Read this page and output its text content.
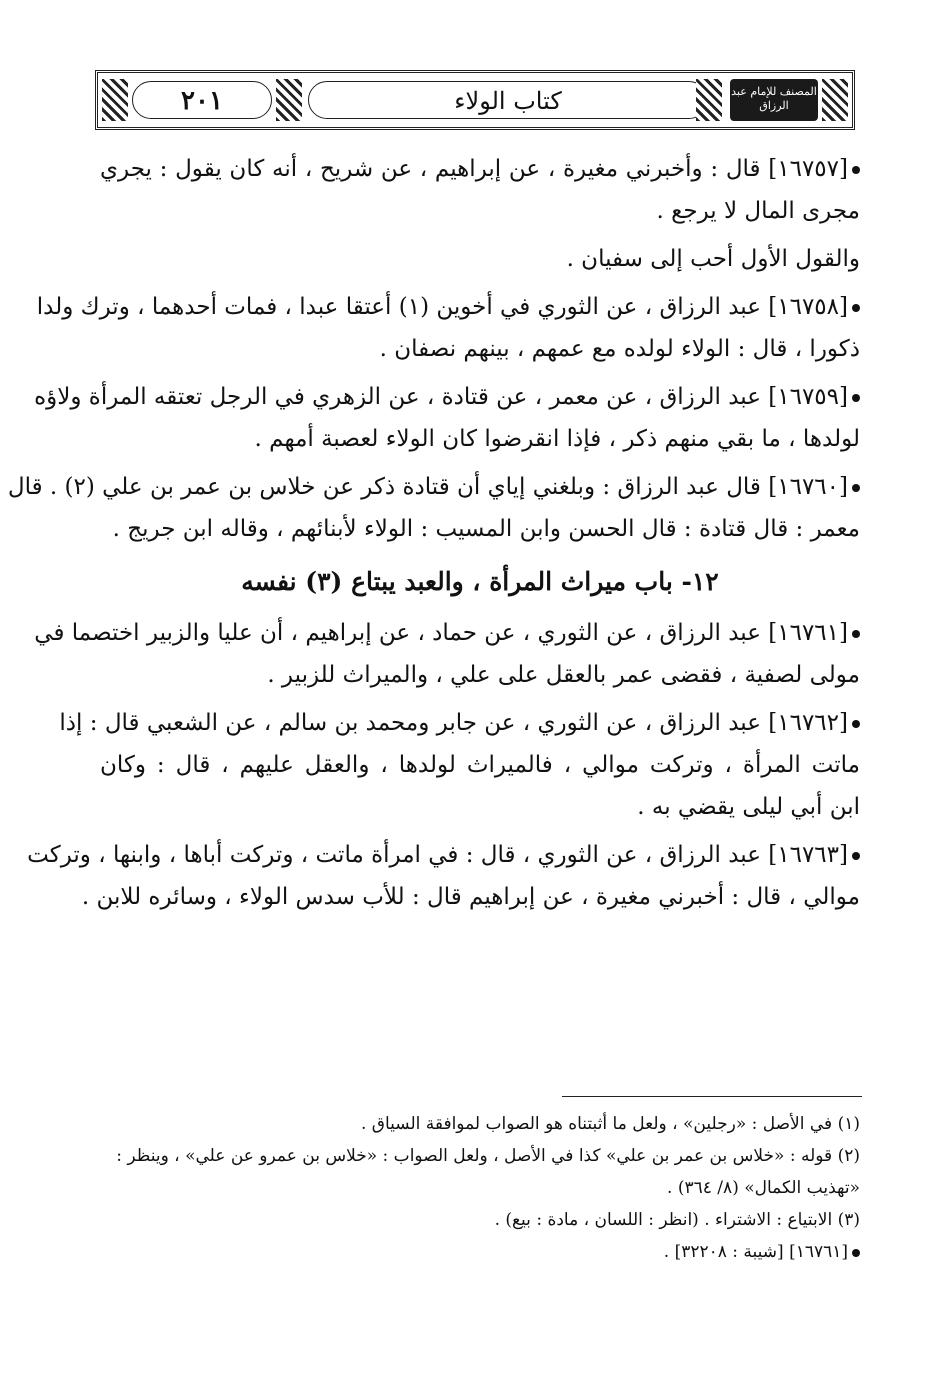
٢٠١	كتاب الولاء	المصنف للإمام عبد الرزاق
[١٦٧٥٧] قال : وأخبرني مغيرة ، عن إبراهيم ، عن شريح ، أنه كان يقول : يجري
مجرى المال لا يرجع .
والقول الأول أحب إلى سفيان .
[١٦٧٥٨] عبد الرزاق ، عن الثوري في أخوين (١) أعتقا عبدا ، فمات أحدهما ، وترك ولدا
ذكورا ، قال : الولاء لولده مع عمهم ، بينهم نصفان .
[١٦٧٥٩] عبد الرزاق ، عن معمر ، عن قتادة ، عن الزهري في الرجل تعتقه المرأة ولاؤه
لولدها ، ما بقي منهم ذكر ، فإذا انقرضوا كان الولاء لعصبة أمهم .
[١٦٧٦٠] قال عبد الرزاق : وبلغني إياي أن قتادة ذكر عن خلاس بن عمر بن علي (٢) . قال
معمر : قال قتادة : قال الحسن وابن المسيب : الولاء لأبنائهم ، وقاله ابن جريج .
١٢- باب ميراث المرأة ، والعبد يبتاع (٣) نفسه
[١٦٧٦١] عبد الرزاق ، عن الثوري ، عن حماد ، عن إبراهيم ، أن عليا والزبير اختصما في
مولى لصفية ، فقضى عمر بالعقل على علي ، والميراث للزبير .
[١٦٧٦٢] عبد الرزاق ، عن الثوري ، عن جابر ومحمد بن سالم ، عن الشعبي قال : إذا
ماتت المرأة ، وتركت موالي ، فالميراث لولدها ، والعقل عليهم ، قال : وكان
ابن أبي ليلى يقضي به .
[١٦٧٦٣] عبد الرزاق ، عن الثوري ، قال : في امرأة ماتت ، وتركت أباها ، وابنها ، وتركت
موالي ، قال : أخبرني مغيرة ، عن إبراهيم قال : للأب سدس الولاء ، وسائره للابن .
(١) في الأصل : «رجلين» ، ولعل ما أثبتناه هو الصواب لموافقة السياق .
(٢) قوله : «خلاس بن عمر بن علي» كذا في الأصل ، ولعل الصواب : «خلاس بن عمرو عن علي» ، وينظر :
«تهذيب الكمال» (٨/ ٣٦٤) .
(٣) الابتياع : الاشتراء . (انظر : اللسان ، مادة : بيع) .
[١٦٧٦١] [شيبة : ٣٢٢٠٨] .
